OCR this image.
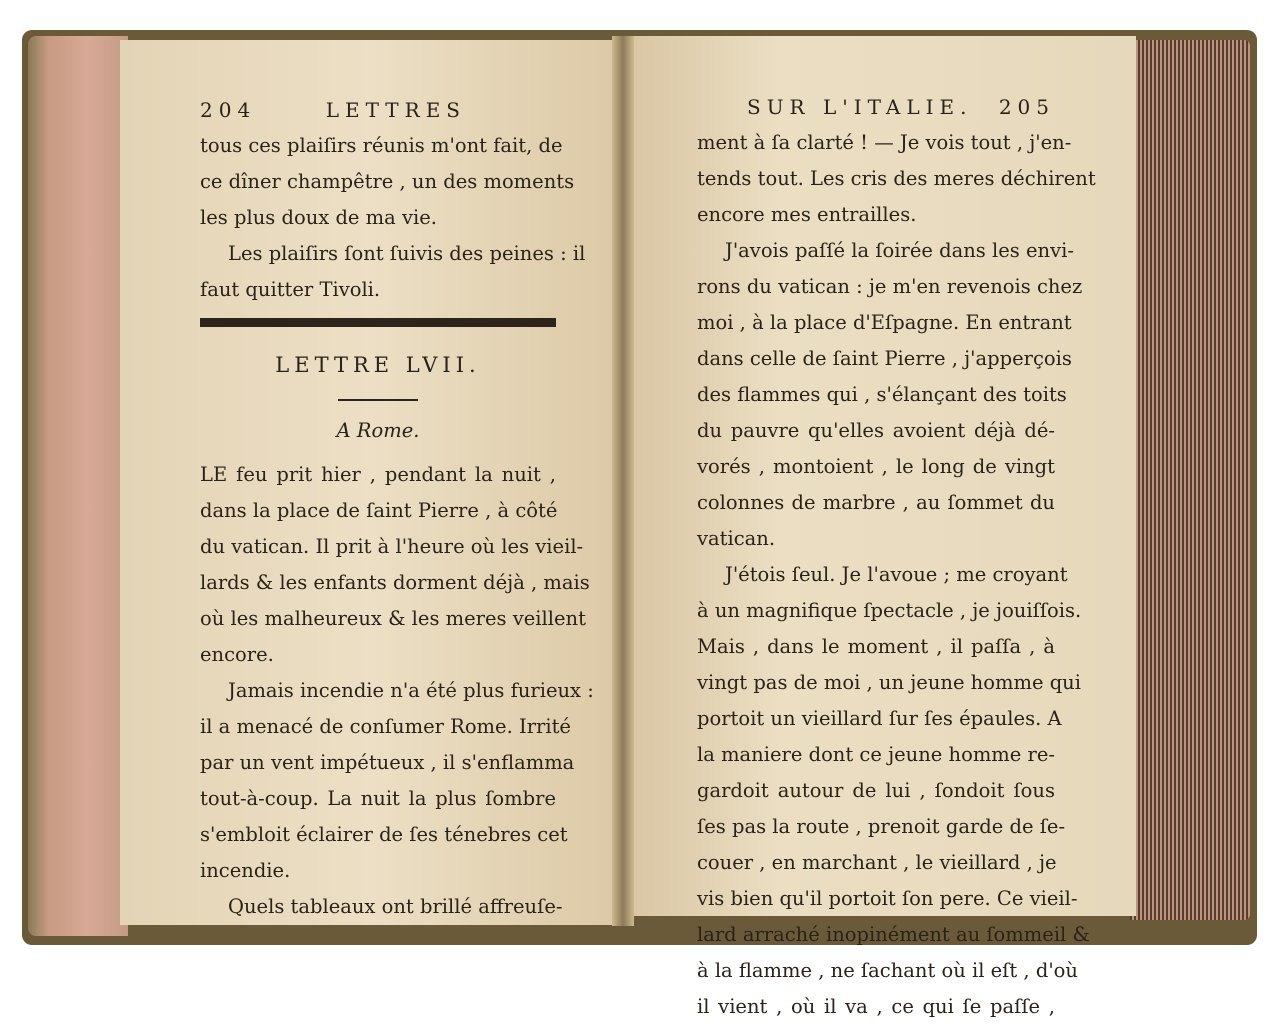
204	LETTRES
tous ces plaiſirs réunis m'ont fait, de
ce dîner champêtre , un des moments
les plus doux de ma vie.
Les plaiſirs ſont ſuivis des peines : il
faut quitter Tivoli.
LETTRE LVII.
A Rome.
LE feu prit hier , pendant la nuit ,
dans la place de ſaint Pierre , à côté
du vatican. Il prit à l'heure où les vieil-
lards & les enfants dorment déjà , mais
où les malheureux & les meres veillent
encore.
Jamais incendie n'a été plus furieux :
il a menacé de conſumer Rome. Irrité
par un vent impétueux , il s'enflamma
tout-à-coup. La nuit la plus ſombre
s'embloit éclairer de ſes ténebres cet
incendie.
Quels tableaux ont brillé affreuſe-
SUR L'ITALIE. 205
ment à ſa clarté ! — Je vois tout , j'en-
tends tout. Les cris des meres déchirent
encore mes entrailles.
J'avois paſſé la ſoirée dans les envi-
rons du vatican : je m'en revenois chez
moi , à la place d'Eſpagne. En entrant
dans celle de ſaint Pierre , j'apperçois
des flammes qui , s'élançant des toits
du pauvre qu'elles avoient déjà dé-
vorés , montoient , le long de vingt
colonnes de marbre , au ſommet du
vatican.
J'étois ſeul. Je l'avoue ; me croyant
à un magnifique ſpectacle , je jouiſſois.
Mais , dans le moment , il paſſa , à
vingt pas de moi , un jeune homme qui
portoit un vieillard ſur ſes épaules. A
la maniere dont ce jeune homme re-
gardoit autour de lui , ſondoit ſous
ſes pas la route , prenoit garde de ſe-
couer , en marchant , le vieillard , je
vis bien qu'il portoit ſon pere. Ce vieil-
lard arraché inopinément au ſommeil &
à la flamme , ne ſachant où il eſt , d'où
il vient , où il va , ce qui ſe paſſe ,
